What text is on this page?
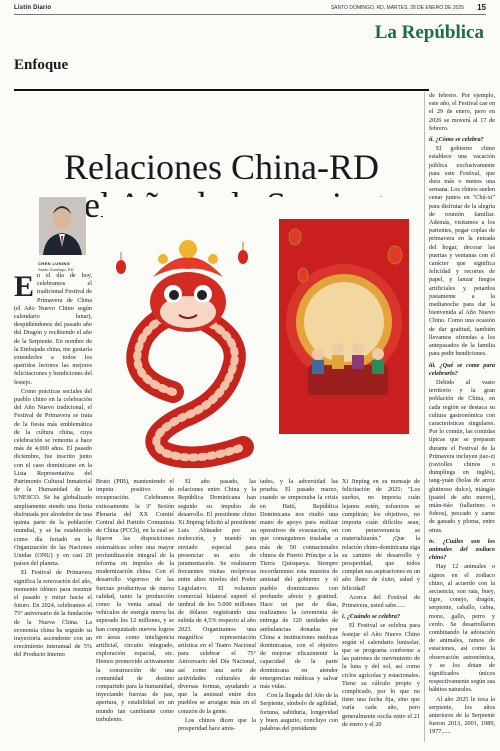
Listín Diario	SANTO DOMINGO, RD, MARTES, 28 DE ENERO DE 2025 15
La República
Enfoque
Relaciones China-RD
el
CHEN LUNING
Santo Domingo, RD

En el día de hoy, celebramos el tradicional Festival de Primavera de China (el Año Nuevo Chino según calendario lunar), despidiéndonos del pasado año del Dragón y recibiendo el año de la Serpiente. En nombre de la Embajada china, me gustaría extenderles a todos los queridos lectores las mejores felicitaciones y bendiciones del festejo.

Como prácticas sociales del pueblo chino en la celebración del Año Nuevo tradicional, el Festival de Primavera se trata de la fiesta más emblemática de la cultura china, cuya celebración se remonta a hace más de 4.000 años. El pasado diciembre, fue inscrito junto con el caso dominicano en la Lista Representativa del Patrimonio Cultural Inmaterial de la Humanidad de la UNESCO. Se ha globalizado ampliamente siendo una fiesta disfrutada por alrededor de una quinta parte de la población mundial, y se ha establecido como día feriado en la Organización de las Naciones Unidas (ONU) y en casi 20 países del planeta.

El Festival de Primavera significa la renovación del año, momento idóneo para resumir el pasado y mirar hacia el futuro. En 2024, celebramos el 75° aniversario de la fundación de la Nueva China. La economía china ha seguido su trayectoria ascendente con un crecimiento interanual de 5% del Producto Interno

Bruto (PIB), manteniendo el impetu positivo de recuperación. Celebramos exitosamente la 3ª Sesión Plenaria del XX Comité Central del Partido Comunista de China (PCCh), en la cual se fijaron las disposiciones sistemáticas sobre una mayor profundización integral de la reforma en impulso de la modernización china. Con el desarrollo vigoroso de las fuerzas productivas de nueva calidad, tanto la producción como la venta anual de vehículos de energía nueva ha superado los 12 millones, y se han conquistado nuevos logros en áreas como inteligencia artificial, circuito integrado, exploración espacial, etc. Hemos promovido activamente la construcción de una comunidad de destino compartido para la humanidad, inyectando fuerzas de paz, apertura, y estabilidad en un mundo tan cambiante como turbulento.

El año pasado, las relaciones entre China y la República Dominicana han seguido su impulso de desarrollo. El presidente chino Xi Jinping felicitó al presidente Luis Abinader por su reelección, y mandó un enviado especial para presenciar su acto de juramentación. Se realizaron frecuentes visitas recíprocas entre altos niveles del Poder Legislativo. El volumen comercial bilateral superó el umbral de los 5.000 millones de dólares registrando una subida de 4,5% respecto al año 2023. Organizamos una magnífica representación artística en el Teatro Nacional para celebrar el 75° Aniversario del Día Nacional, así como una serie de actividades culturales de diversas formas, ayudando a que la amistad entre dos pueblos se arraigue más en el corazón de la gente.

Los chinos dicen que la prosperidad hace amis-

tades, y la adversidad las prueba. El pasado marzo, cuando se empeoraba la crisis en Haití, República Dominicana nos rindió una mano de apoyo para realizar operativos de evacuación, en que conseguimos trasladar a más de 50 connacionales chinos de Puerto Príncipe a la Tierra Quisqueya. Siempre recordaremos esta muestra de amistad del gobierno y el pueblo dominicanos con profundo afecto y gratitud. Hace un par de días, realizamos la ceremonia de entrega de 120 unidades de ambulancias donadas por China a instituciones médicas dominicanas, con el objetivo de mejorar eficazmente la capacidad de la parte dominicana en atender emergencias médicas y salvar más vidas.

Con la llegada del Año de la Serpiente, símbolo de agilidad, fortuna, sabiduría, longevidad y buen augurio, concluyo con palabras del presidente

Xi Jinping en su mensaje de felicitación de 2025: "Los sueños, no importa cuán lejanos estén, esfuerzos se cumplirán; los objetivos, no importa cuán difíciles sean, con perseverancia se materializarán." ¡Que la relación chino-dominicana siga su camino de desarrollo y prosperidad, que todos cumplan sus aspiraciones en un año lleno de éxito, salud y felicidad!

Acerca del Festival de Primavera, usted sabe......

i. ¿Cuándo se celebra?

El Festival se celebra para festejar el Año Nuevo Chino según el calendario lunisolar, que se programa conforme a las patrones de movimiento de la luna y del sol, así como ciclos agrícolas y estacionales. Tiene su cálculo propio y complicado, por lo que no tiene una fecha fija, sino que varía cada año, pero generalmente oscila entre el 21 de enero y el 20

de febrero. Por ejemplo, este año, el Festival cae en el 29 de enero, pero en 2026 se moverá al 17 de febrero.

ii. ¿Cómo se celebra?

El gobierno chino establece una vacación pública exclusivamente para este Festival, que dura más o menos una semana. Los chinos suelen cenar juntos en "Chú-xī" para disfrutar de la alegría de reunión familiar. Además, visitamos a los parientes, pegar coplas de primavera en la entrada del hogar, decorar las puertas y ventanas con el carácter que significa felicidad y recortes de papel, y lanzar fuegos artificiales y petardos justamente a la medianoche para dar la bienvenida al Año Nuevo Chino. Como una ocasión de dar gratitud, también llevamos ofrendas a los antepasados de la familia para pedir bendiciones.

iii. ¿Qué se come para celebrarlo?

Debido al vasto territorio y la gran población de China, en cada región se destaca su cultura gastronómica con características singulares. Por lo común, las comidas típicas que se preparan durante el Festival de la Primavera incluyen jiao-zi (raviolles chinos o dumplings en inglés), tang-yuán (bolas de arroz glutinoso dulce), niángāo (pastel de año nuevo), miàn-tiáo (tallarines o fideos), pescado y carne de ganado y ploma, entre otras.

iv. ¿Cuáles son los animales del zodiaco chino?

Hay 12 animales o signos en el zodiaco chino, al acuerdo con la secuencia, son rata, buey, tigre, conejo, dragón, serpiente, caballo, cabra, mono, gallo, perro y cerdo. Se desarrollaron combinando la adoración de animales, ramos de estaciones, así como la observación astronómica, y se los dotan de significados únicos respectivamente según sus hábitos naturales.

Al año 2025 le toca la serpiente, los años anteriores de la Serpiente fueron 2013, 2001, 1989, 1977......
